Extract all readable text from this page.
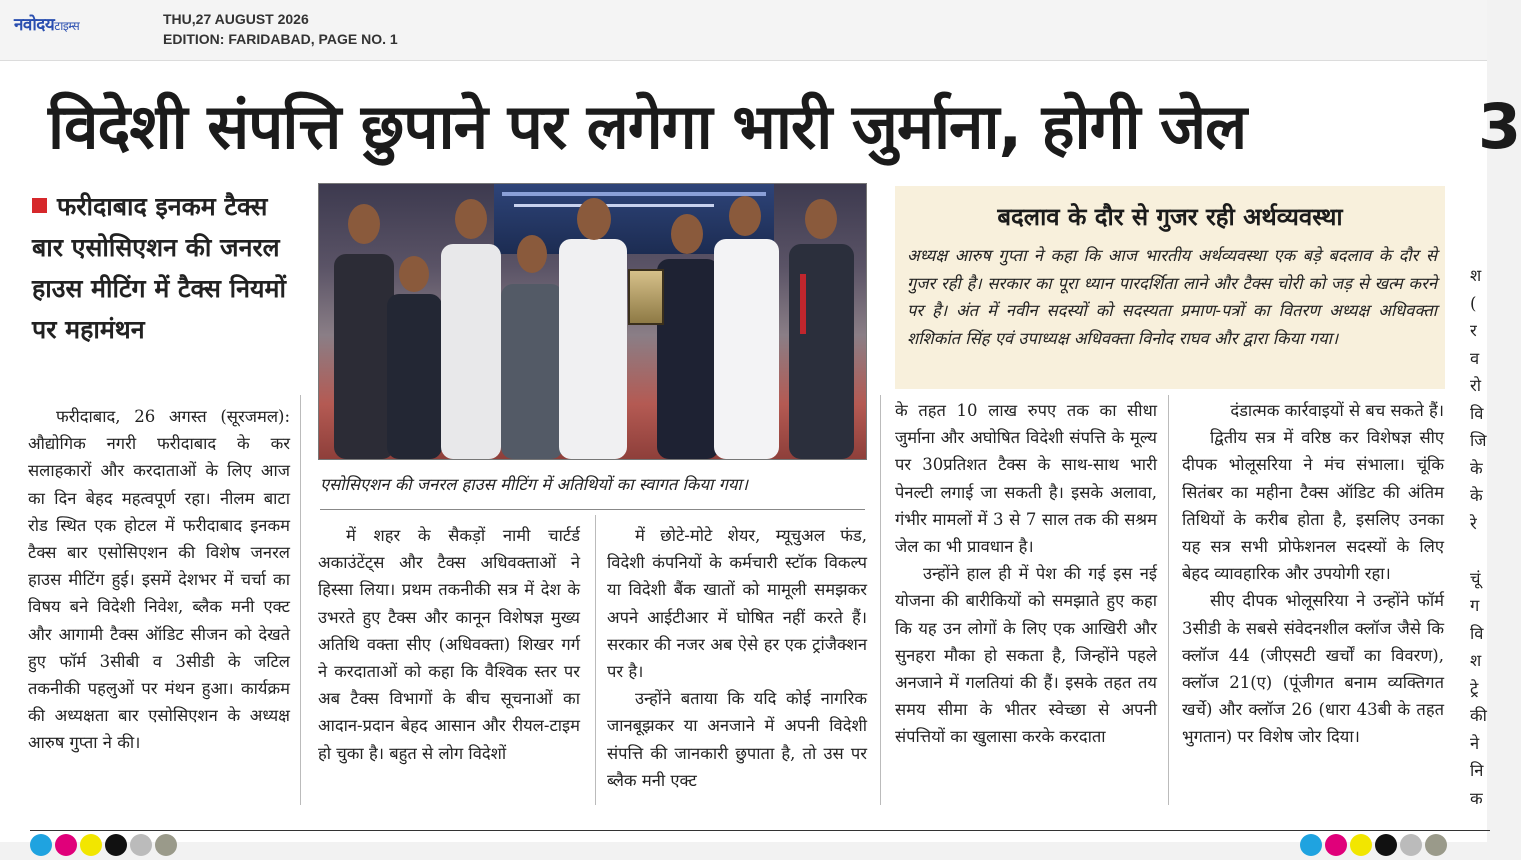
नवोदयटाइम्स	THU,27 AUGUST 2026
EDITION: FARIDABAD, PAGE NO. 1
विदेशी संपत्ति छुपाने पर लगेगा भारी जुर्माना, होगी जेल	3
फरीदाबाद इनकम टैक्स बार एसोसिएशन की जनरल हाउस मीटिंग में टैक्स नियमों पर महामंथन

फरीदाबाद, 26 अगस्त (सूरजमल): औद्योगिक नगरी फरीदाबाद के कर सलाहकारों और करदाताओं के लिए आज का दिन बेहद महत्वपूर्ण रहा। नीलम बाटा रोड स्थित एक होटल में फरीदाबाद इनकम टैक्स बार एसोसिएशन की विशेष जनरल हाउस मीटिंग हुई। इसमें देशभर में चर्चा का विषय बने विदेशी निवेश, ब्लैक मनी एक्ट और आगामी टैक्स ऑडिट सीजन को देखते हुए फॉर्म 3सीबी व 3सीडी के जटिल तकनीकी पहलुओं पर मंथन हुआ। कार्यक्रम की अध्यक्षता बार एसोसिएशन के अध्यक्ष आरुष गुप्ता ने की।

एसोसिएशन की जनरल हाउस मीटिंग में अतिथियों का स्वागत किया गया।

में शहर के सैकड़ों नामी चार्टर्ड अकाउंटेंट्स और टैक्स अधिवक्ताओं ने हिस्सा लिया। प्रथम तकनीकी सत्र में देश के उभरते हुए टैक्स और कानून विशेषज्ञ मुख्य अतिथि वक्ता सीए (अधिवक्ता) शिखर गर्ग ने करदाताओं को कहा कि वैश्विक स्तर पर अब टैक्स विभागों के बीच सूचनाओं का आदान-प्रदान बेहद आसान और रीयल-टाइम हो चुका है। बहुत से लोग विदेशों

में छोटे-मोटे शेयर, म्यूचुअल फंड, विदेशी कंपनियों के कर्मचारी स्टॉक विकल्प या विदेशी बैंक खातों को मामूली समझकर अपने आईटीआर में घोषित नहीं करते हैं। सरकार की नजर अब ऐसे हर एक ट्रांजैक्शन पर है।

उन्होंने बताया कि यदि कोई नागरिक जानबूझकर या अनजाने में अपनी विदेशी संपत्ति की जानकारी छुपाता है, तो उस पर ब्लैक मनी एक्ट

बदलाव के दौर से गुजर रही अर्थव्यवस्था
अध्यक्ष आरुष गुप्ता ने कहा कि आज भारतीय अर्थव्यवस्था एक बड़े बदलाव के दौर से गुजर रही है। सरकार का पूरा ध्यान पारदर्शिता लाने और टैक्स चोरी को जड़ से खत्म करने पर है। अंत में नवीन सदस्यों को सदस्यता प्रमाण-पत्रों का वितरण अध्यक्ष अधिवक्ता शशिकांत सिंह एवं उपाध्यक्ष अधिवक्ता विनोद राघव और द्वारा किया गया।

के तहत 10 लाख रुपए तक का सीधा जुर्माना और अघोषित विदेशी संपत्ति के मूल्य पर 30प्रतिशत टैक्स के साथ-साथ भारी पेनल्टी लगाई जा सकती है। इसके अलावा, गंभीर मामलों में 3 से 7 साल तक की सश्रम जेल का भी प्रावधान है।

उन्होंने हाल ही में पेश की गई इस नई योजना की बारीकियों को समझाते हुए कहा कि यह उन लोगों के लिए एक आखिरी और सुनहरा मौका हो सकता है, जिन्होंने पहले अनजाने में गलतियां की हैं। इसके तहत तय समय सीमा के भीतर स्वेच्छा से अपनी संपत्तियों का खुलासा करके करदाता

दंडात्मक कार्रवाइयों से बच सकते हैं।

द्वितीय सत्र में वरिष्ठ कर विशेषज्ञ सीए दीपक भोलूसरिया ने मंच संभाला। चूंकि सितंबर का महीना टैक्स ऑडिट की अंतिम तिथियों के करीब होता है, इसलिए उनका यह सत्र सभी प्रोफेशनल सदस्यों के लिए बेहद व्यावहारिक और उपयोगी रहा।

सीए दीपक भोलूसरिया ने उन्होंने फॉर्म 3सीडी के सबसे संवेदनशील क्लॉज जैसे कि क्लॉज 44 (जीएसटी खर्चों का विवरण), क्लॉज 21(ए) (पूंजीगत बनाम व्यक्तिगत खर्चे) और क्लॉज 26 (धारा 43बी के तहत भुगतान) पर विशेष जोर दिया।

श
(
र
व
रो
वि
जि
के
के
रे

चूं
ग
वि
श
ट्रे
की
ने
नि
क
